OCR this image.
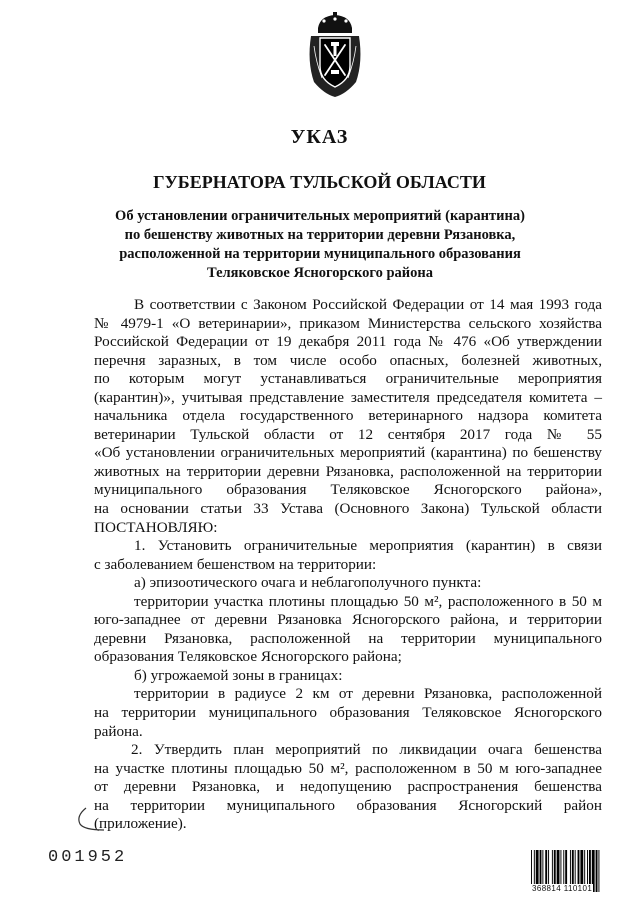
УКАЗ
ГУБЕРНАТОРА ТУЛЬСКОЙ ОБЛАСТИ
Об установлении ограничительных мероприятий (карантина)
по бешенству животных на территории деревни Рязановка,
расположенной на территории муниципального образования
Теляковское Ясногорского района
В соответствии с Законом Российской Федерации от 14 мая 1993 года
№ 4979-1 «О ветеринарии», приказом Министерства сельского хозяйства
Российской Федерации от 19 декабря 2011 года № 476 «Об утверждении
перечня заразных, в том числе особо опасных, болезней животных,
по которым могут устанавливаться ограничительные мероприятия
(карантин)», учитывая представление заместителя председателя комитета –
начальника отдела государственного ветеринарного надзора комитета
ветеринарии Тульской области от 12 сентября 2017 года № 55
«Об установлении ограничительных мероприятий (карантина) по бешенству
животных на территории деревни Рязановка, расположенной на территории
муниципального образования Теляковское Ясногорского района»,
на основании статьи 33 Устава (Основного Закона) Тульской области
ПОСТАНОВЛЯЮ:
1. Установить ограничительные мероприятия (карантин) в связи
с заболеванием бешенством на территории:
а) эпизоотического очага и неблагополучного пункта:
территории участка плотины площадью 50 м², расположенного в 50 м
юго-западнее от деревни Рязановка Ясногорского района, и территории
деревни Рязановка, расположенной на территории муниципального
образования Теляковское Ясногорского района;
б) угрожаемой зоны в границах:
территории в радиусе 2 км от деревни Рязановка, расположенной
на территории муниципального образования Теляковское Ясногорского
района.
2. Утвердить план мероприятий по ликвидации очага бешенства
на участке плотины площадью 50 м², расположенном в 50 м юго-западнее
от деревни Рязановка, и недопущению распространения бешенства
на территории муниципального образования Ясногорский район
(приложение).
001952
368814 110101
